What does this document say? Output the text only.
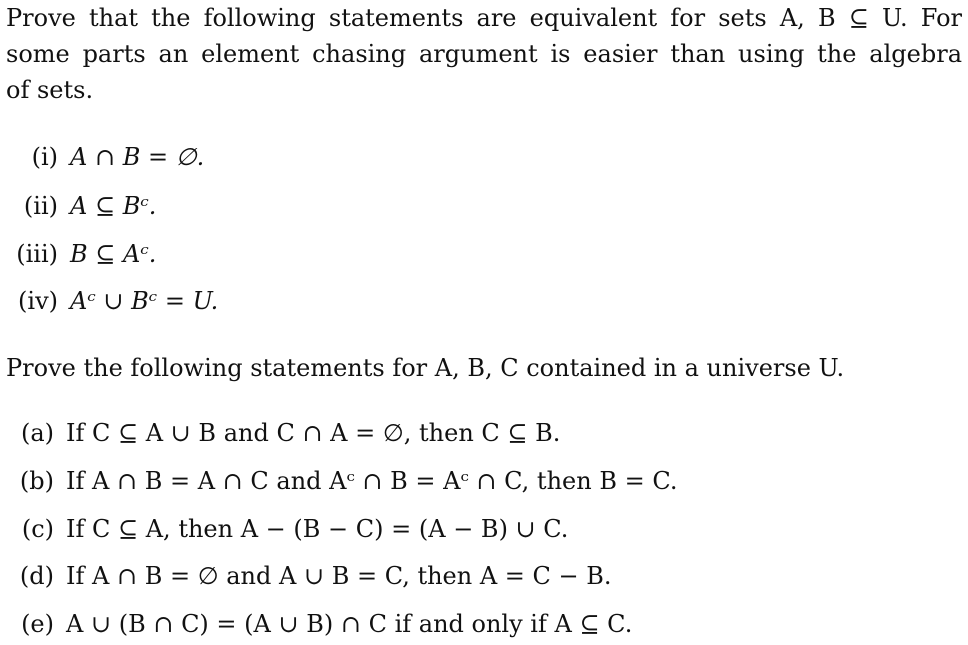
Prove that the following statements are equivalent for sets A, B ⊆ U. For
some parts an element chasing argument is easier than using the algebra
of sets.
(i) A ∩ B = ∅.
(ii) A ⊆ Bᶜ.
(iii) B ⊆ Aᶜ.
(iv) Aᶜ ∪ Bᶜ = U.
Prove the following statements for A, B, C contained in a universe U.
(a) If C ⊆ A ∪ B and C ∩ A = ∅, then C ⊆ B.
(b) If A ∩ B = A ∩ C and Aᶜ ∩ B = Aᶜ ∩ C, then B = C.
(c) If C ⊆ A, then A − (B − C) = (A − B) ∪ C.
(d) If A ∩ B = ∅ and A ∪ B = C, then A = C − B.
(e) A ∪ (B ∩ C) = (A ∪ B) ∩ C if and only if A ⊆ C.
